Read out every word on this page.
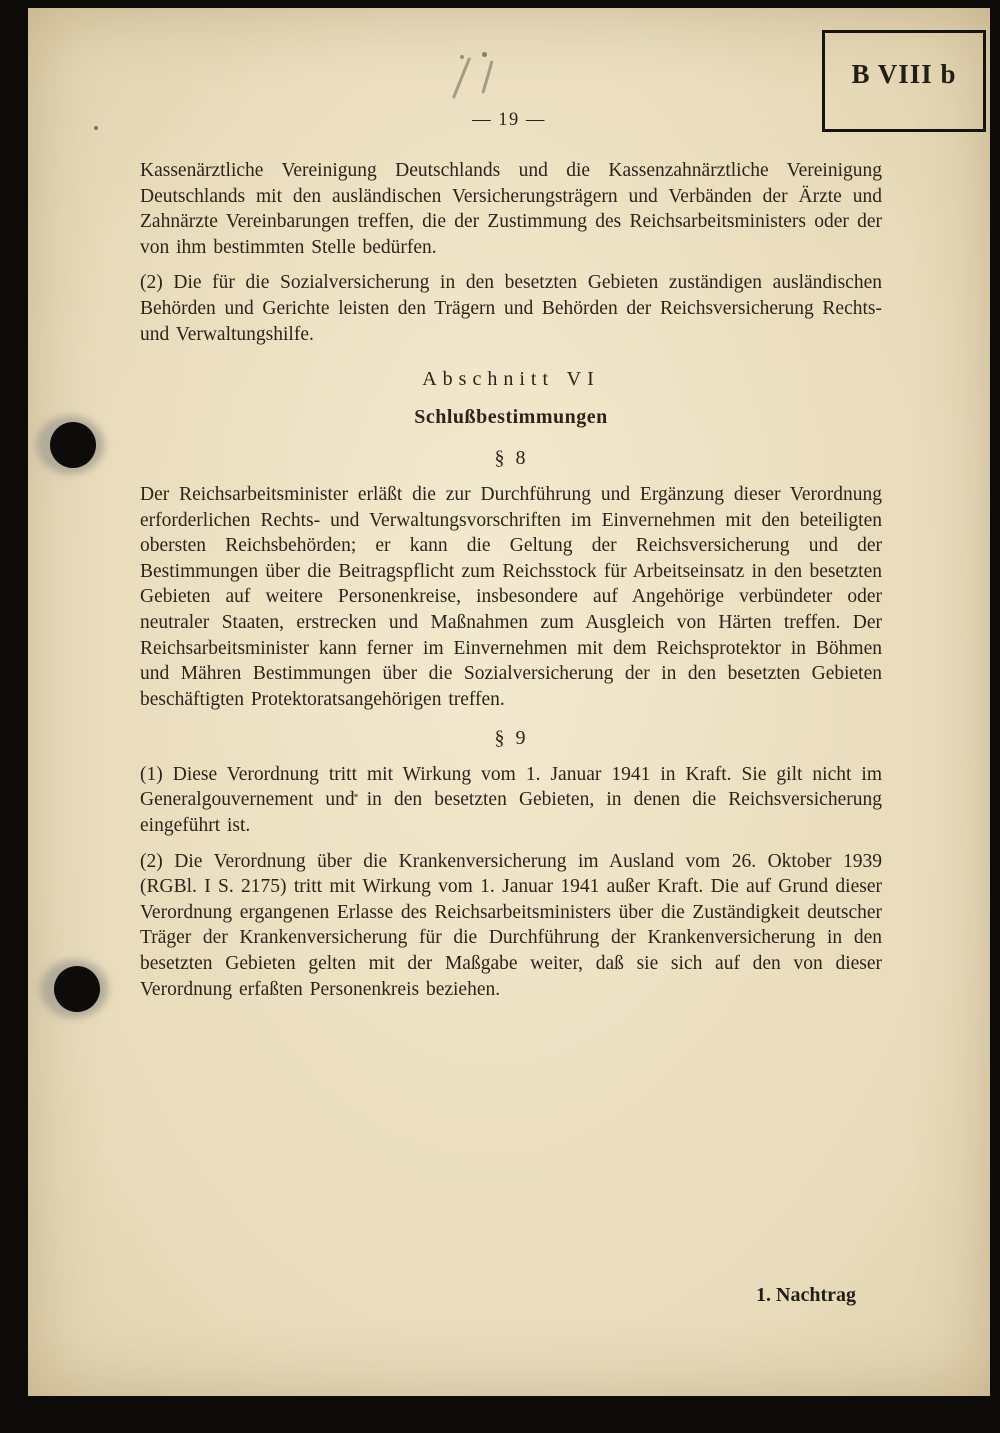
B VIII b
— 19 —

Kassenärztliche Vereinigung Deutschlands und die Kassenzahnärztliche Vereinigung Deutschlands mit den ausländischen Versicherungsträgern und Verbänden der Ärzte und Zahnärzte Vereinbarungen treffen, die der Zustimmung des Reichsarbeitsministers oder der von ihm bestimmten Stelle bedürfen.

(2) Die für die Sozialversicherung in den besetzten Gebieten zuständigen ausländischen Behörden und Gerichte leisten den Trägern und Behörden der Reichsversicherung Rechts- und Verwaltungshilfe.

Abschnitt VI
Schlußbestimmungen
§ 8

Der Reichsarbeitsminister erläßt die zur Durchführung und Ergänzung dieser Verordnung erforderlichen Rechts- und Verwaltungsvorschriften im Einvernehmen mit den beteiligten obersten Reichsbehörden; er kann die Geltung der Reichsversicherung und der Bestimmungen über die Beitragspflicht zum Reichsstock für Arbeitseinsatz in den besetzten Gebieten auf weitere Personenkreise, insbesondere auf Angehörige verbündeter oder neutraler Staaten, erstrecken und Maßnahmen zum Ausgleich von Härten treffen. Der Reichsarbeitsminister kann ferner im Einvernehmen mit dem Reichsprotektor in Böhmen und Mähren Bestimmungen über die Sozialversicherung der in den besetzten Gebieten beschäftigten Protektoratsangehörigen treffen.

§ 9

(1) Diese Verordnung tritt mit Wirkung vom 1. Januar 1941 in Kraft. Sie gilt nicht im Generalgouvernement und in den besetzten Gebieten, in denen die Reichsversicherung eingeführt ist.

(2) Die Verordnung über die Krankenversicherung im Ausland vom 26. Oktober 1939 (RGBl. I S. 2175) tritt mit Wirkung vom 1. Januar 1941 außer Kraft. Die auf Grund dieser Verordnung ergangenen Erlasse des Reichsarbeitsministers über die Zuständigkeit deutscher Träger der Krankenversicherung für die Durchführung der Krankenversicherung in den besetzten Gebieten gelten mit der Maßgabe weiter, daß sie sich auf den von dieser Verordnung erfaßten Personenkreis beziehen.

1. Nachtrag
